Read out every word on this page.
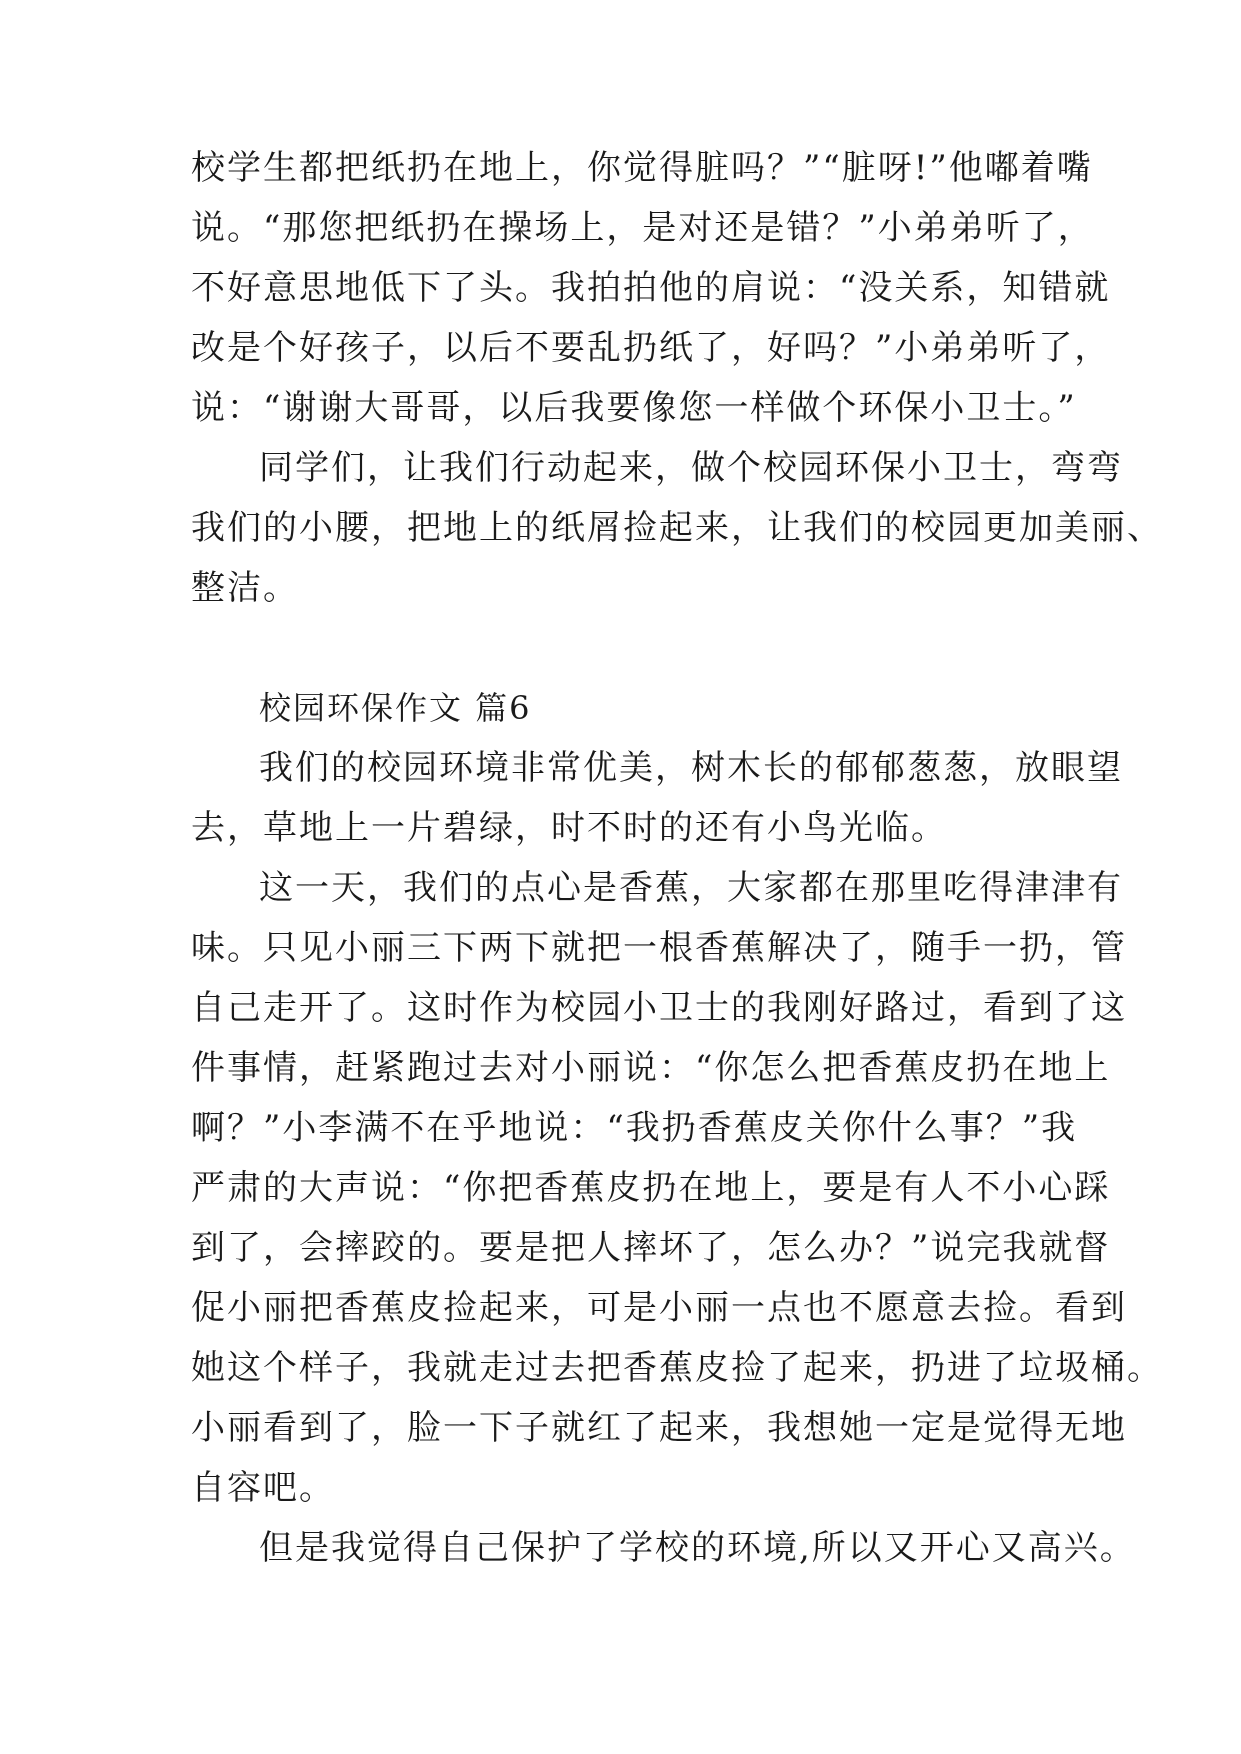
校学生都把纸扔在地上，你觉得脏吗？”“脏呀!”他嘟着嘴
说。“那您把纸扔在操场上，是对还是错？”小弟弟听了，
不好意思地低下了头。我拍拍他的肩说：“没关系，知错就
改是个好孩子，以后不要乱扔纸了，好吗？”小弟弟听了，
说：“谢谢大哥哥，以后我要像您一样做个环保小卫士。”
同学们，让我们行动起来，做个校园环保小卫士，弯弯
我们的小腰，把地上的纸屑捡起来，让我们的校园更加美丽、
整洁。
校园环保作文 篇6
我们的校园环境非常优美，树木长的郁郁葱葱，放眼望
去，草地上一片碧绿，时不时的还有小鸟光临。
这一天，我们的点心是香蕉，大家都在那里吃得津津有
味。只见小丽三下两下就把一根香蕉解决了，随手一扔，管
自己走开了。这时作为校园小卫士的我刚好路过，看到了这
件事情，赶紧跑过去对小丽说：“你怎么把香蕉皮扔在地上
啊？”小李满不在乎地说：“我扔香蕉皮关你什么事？”我
严肃的大声说：“你把香蕉皮扔在地上，要是有人不小心踩
到了，会摔跤的。要是把人摔坏了，怎么办？”说完我就督
促小丽把香蕉皮捡起来，可是小丽一点也不愿意去捡。看到
她这个样子，我就走过去把香蕉皮捡了起来，扔进了垃圾桶。
小丽看到了，脸一下子就红了起来，我想她一定是觉得无地
自容吧。
但是我觉得自己保护了学校的环境,所以又开心又高兴。
